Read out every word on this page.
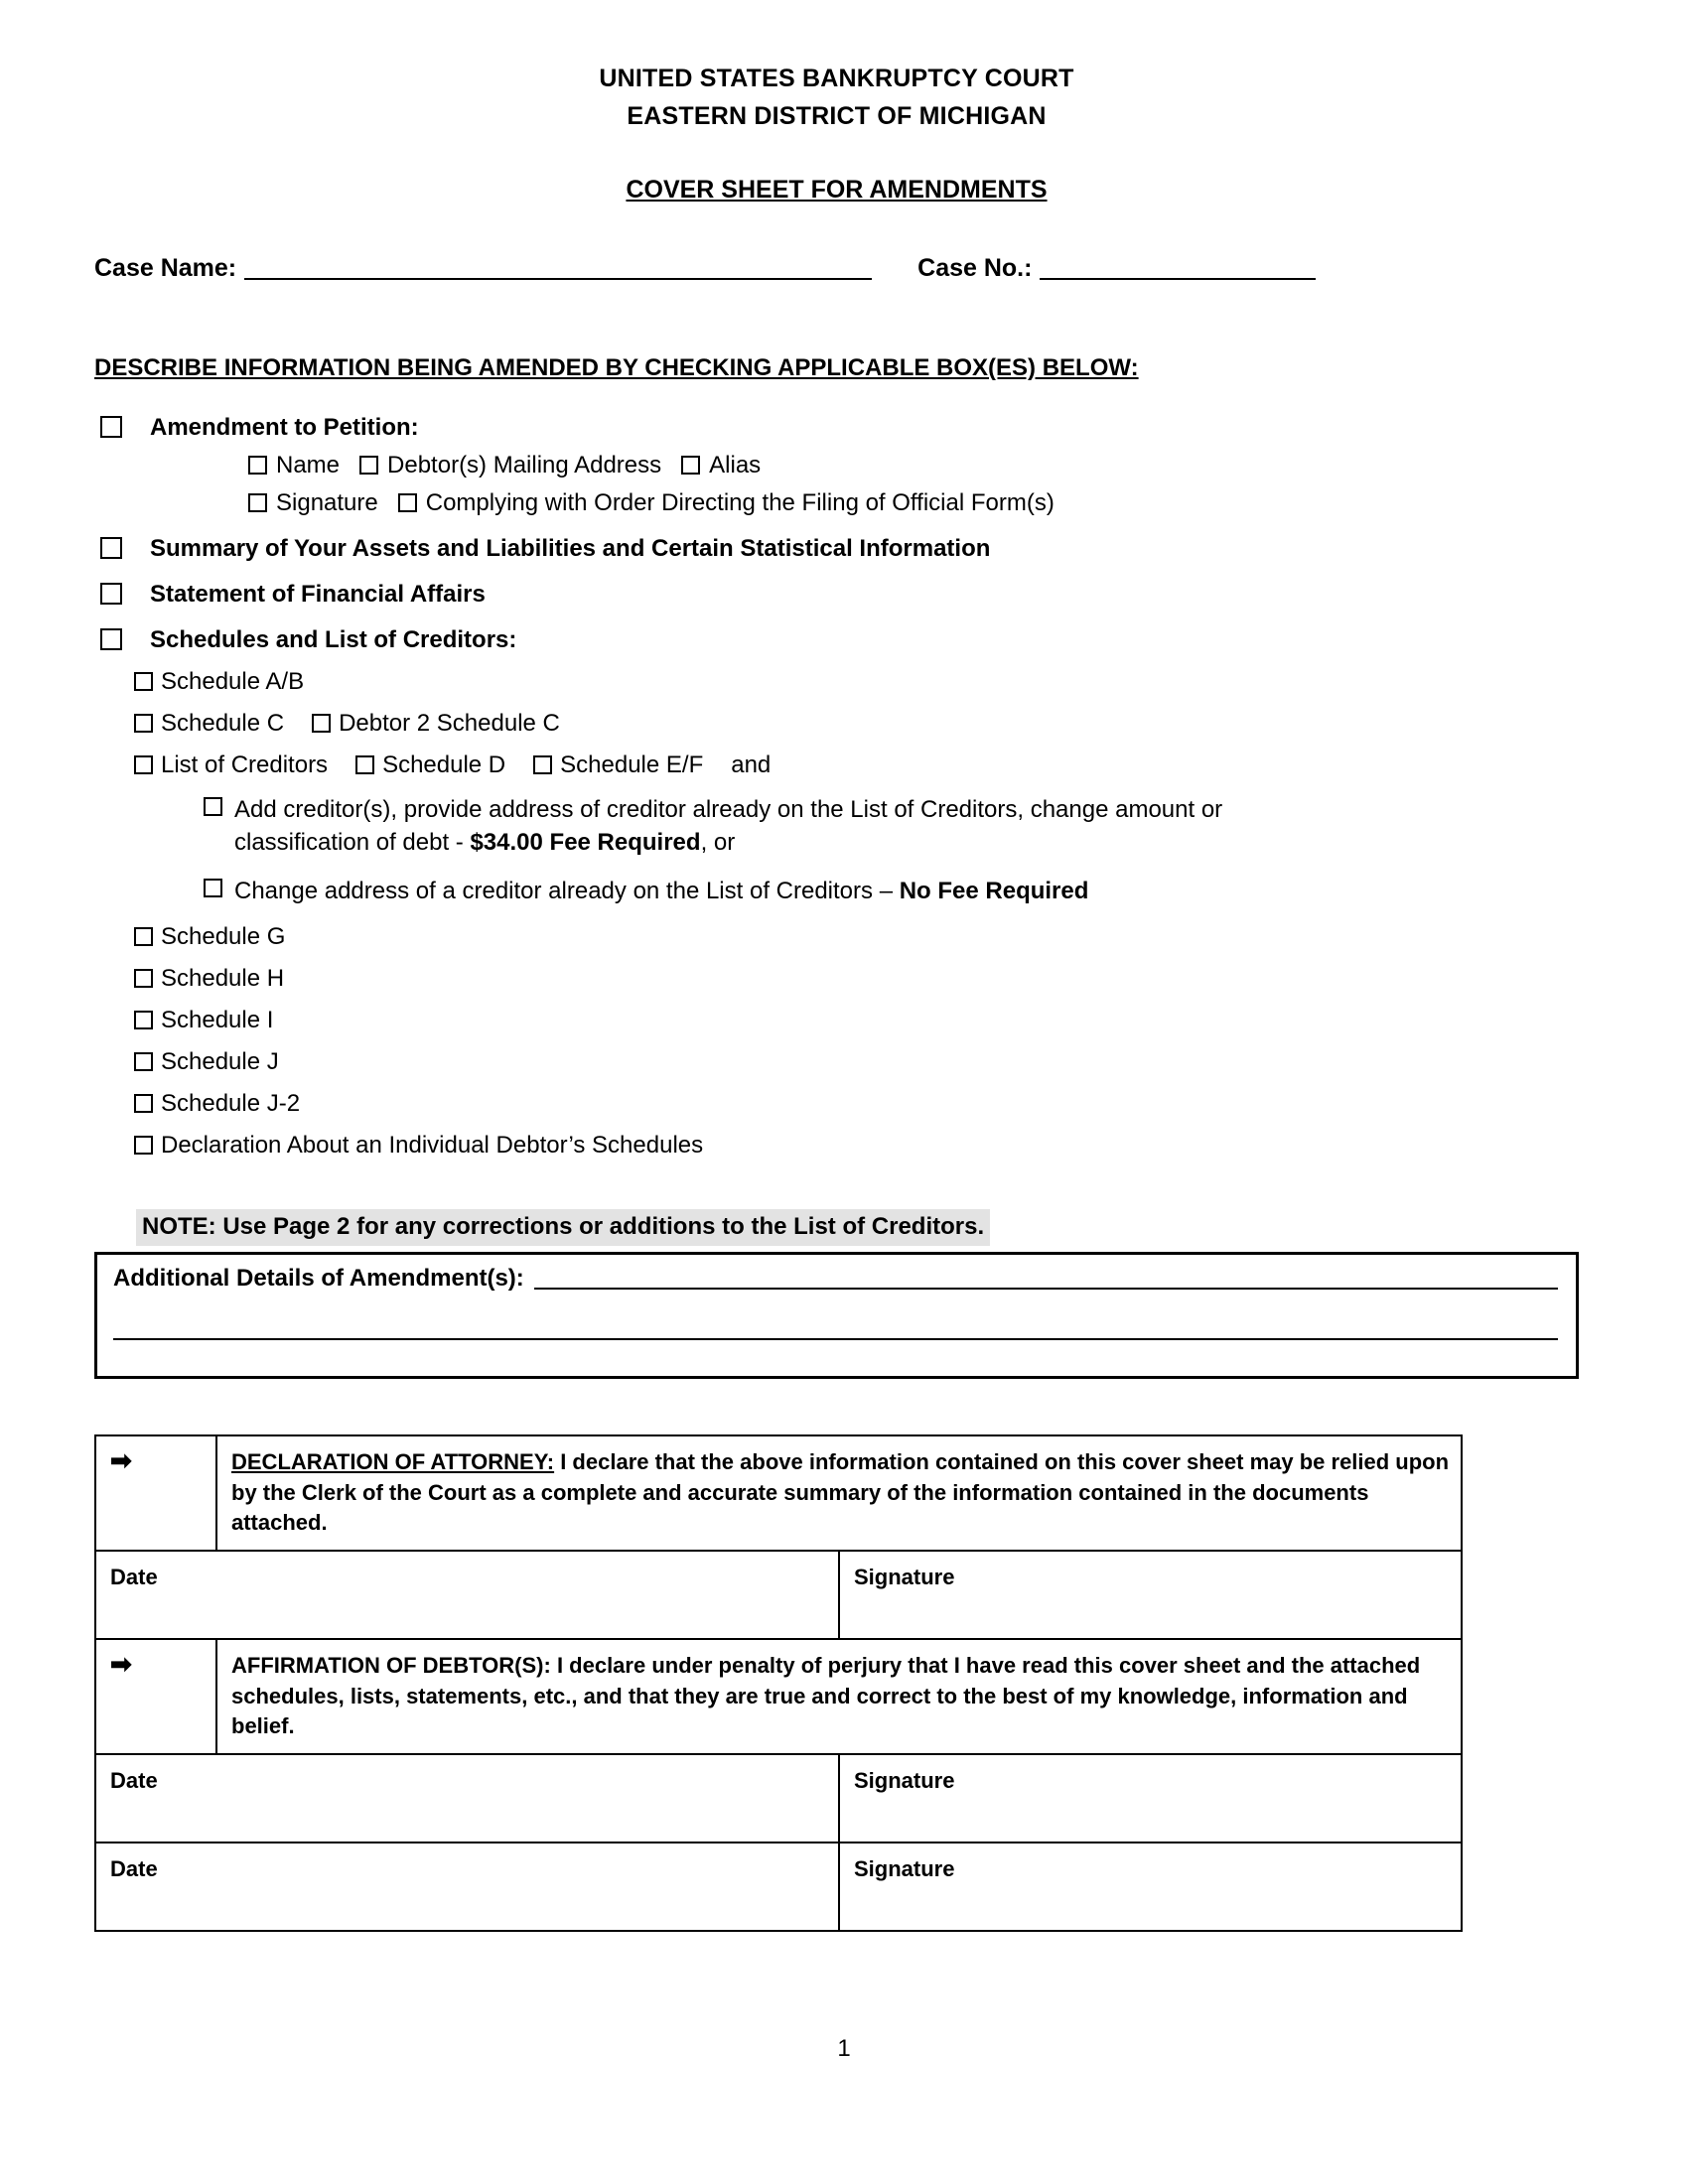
UNITED STATES BANKRUPTCY COURT
EASTERN DISTRICT OF MICHIGAN
COVER SHEET FOR AMENDMENTS
Case Name:	Case No.:
DESCRIBE INFORMATION BEING AMENDED BY CHECKING APPLICABLE BOX(ES) BELOW:
Amendment to Petition:
Name	Debtor(s) Mailing Address	Alias
Signature	Complying with Order Directing the Filing of Official Form(s)
Summary of Your Assets and Liabilities and Certain Statistical Information
Statement of Financial Affairs
Schedules and List of Creditors:
Schedule A/B
Schedule C	Debtor 2 Schedule C
List of Creditors	Schedule D	Schedule E/F and
Add creditor(s), provide address of creditor already on the List of Creditors, change amount or classification of debt - $34.00 Fee Required, or
Change address of a creditor already on the List of Creditors – No Fee Required
Schedule G
Schedule H
Schedule I
Schedule J
Schedule J-2
Declaration About an Individual Debtor’s Schedules
NOTE: Use Page 2 for any corrections or additions to the List of Creditors.
Additional Details of Amendment(s):
➡	DECLARATION OF ATTORNEY: I declare that the above information contained on this cover sheet may be relied upon by the Clerk of the Court as a complete and accurate summary of the information contained in the documents attached.	
Date		Signature
➡	AFFIRMATION OF DEBTOR(S): I declare under penalty of perjury that I have read this cover sheet and the attached schedules, lists, statements, etc., and that they are true and correct to the best of my knowledge, information and belief.	
Date		Signature
Date		Signature
1
